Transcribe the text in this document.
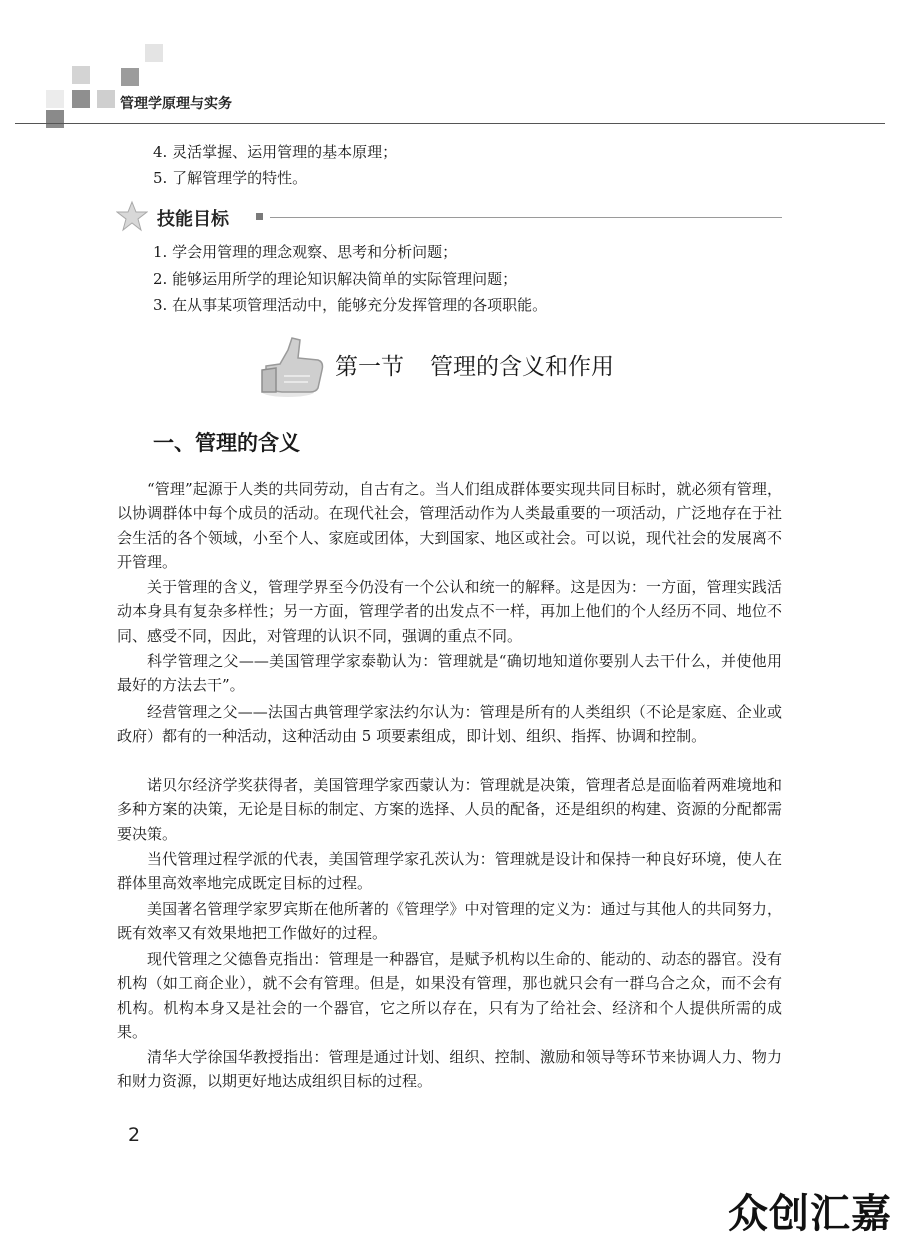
管理学原理与实务
4. 灵活掌握、运用管理的基本原理；
5. 了解管理学的特性。
技能目标
1. 学会用管理的理念观察、思考和分析问题；
2. 能够运用所学的理论知识解决简单的实际管理问题；
3. 在从事某项管理活动中，能够充分发挥管理的各项职能。
第一节 管理的含义和作用
一、管理的含义

“管理”起源于人类的共同劳动，自古有之。当人们组成群体要实现共同目标时，就必须有管理，以协调群体中每个成员的活动。在现代社会，管理活动作为人类最重要的一项活动，广泛地存在于社会生活的各个领域，小至个人、家庭或团体，大到国家、地区或社会。可以说，现代社会的发展离不开管理。

关于管理的含义，管理学界至今仍没有一个公认和统一的解释。这是因为：一方面，管理实践活动本身具有复杂多样性；另一方面，管理学者的出发点不一样，再加上他们的个人经历不同、地位不同、感受不同，因此，对管理的认识不同，强调的重点不同。

科学管理之父——美国管理学家泰勒认为：管理就是“确切地知道你要别人去干什么，并使他用最好的方法去干”。

经营管理之父——法国古典管理学家法约尔认为：管理是所有的人类组织（不论是家庭、企业或政府）都有的一种活动，这种活动由 5 项要素组成，即计划、组织、指挥、协调和控制。

诺贝尔经济学奖获得者，美国管理学家西蒙认为：管理就是决策，管理者总是面临着两难境地和多种方案的决策，无论是目标的制定、方案的选择、人员的配备，还是组织的构建、资源的分配都需要决策。

当代管理过程学派的代表，美国管理学家孔茨认为：管理就是设计和保持一种良好环境，使人在群体里高效率地完成既定目标的过程。

美国著名管理学家罗宾斯在他所著的《管理学》中对管理的定义为：通过与其他人的共同努力，既有效率又有效果地把工作做好的过程。

现代管理之父德鲁克指出：管理是一种器官，是赋予机构以生命的、能动的、动态的器官。没有机构（如工商企业），就不会有管理。但是，如果没有管理，那也就只会有一群乌合之众，而不会有机构。机构本身又是社会的一个器官，它之所以存在，只有为了给社会、经济和个人提供所需的成果。

清华大学徐国华教授指出：管理是通过计划、组织、控制、激励和领导等环节来协调人力、物力和财力资源，以期更好地达成组织目标的过程。

2
众创汇嘉
